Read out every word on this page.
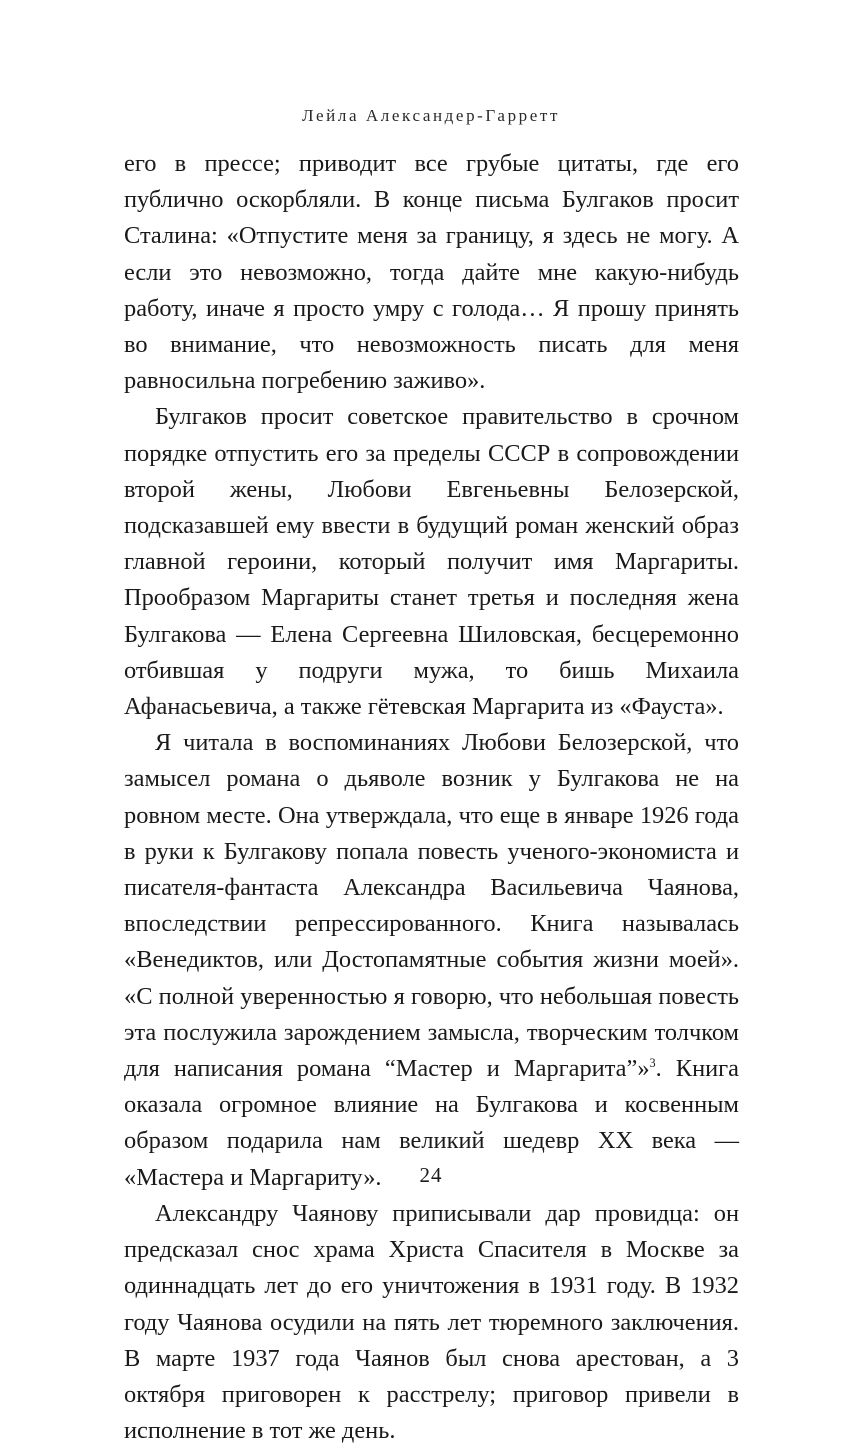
Лейла Александер-Гарретт

его в прессе; приводит все грубые цитаты, где его публично оскорбляли. В конце письма Булгаков просит Сталина: «Отпустите меня за границу, я здесь не могу. А если это невозможно, тогда дайте мне какую-нибудь работу, иначе я просто умру с голода… Я прошу принять во внимание, что невозможность писать для меня равносильна погребению заживо».

Булгаков просит советское правительство в срочном порядке отпустить его за пределы СССР в сопровождении второй жены, Любови Евгеньевны Белозерской, подсказавшей ему ввести в будущий роман женский образ главной героини, который получит имя Маргариты. Прообразом Маргариты станет третья и последняя жена Булгакова — Елена Сергеевна Шиловская, бесцеремонно отбившая у подруги мужа, то бишь Михаила Афанасьевича, а также гётевская Маргарита из «Фауста».

Я читала в воспоминаниях Любови Белозерской, что замысел романа о дьяволе возник у Булгакова не на ровном месте. Она утверждала, что еще в январе 1926 года в руки к Булгакову попала повесть ученого-экономиста и писателя-фантаста Александра Васильевича Чаянова, впоследствии репрессированного. Книга называлась «Венедиктов, или Достопамятные события жизни моей». «С полной уверенностью я говорю, что небольшая повесть эта послужила зарождением замысла, творческим толчком для написания романа “Мастер и Маргарита”»$^3$. Книга оказала огромное влияние на Булгакова и косвенным образом подарила нам великий шедевр XX века — «Мастера и Маргариту».

Александру Чаянову приписывали дар провидца: он предсказал снос храма Христа Спасителя в Москве за одиннадцать лет до его уничтожения в 1931 году. В 1932 году Чаянова осудили на пять лет тюремного заключения. В марте 1937 года Чаянов был снова арестован, а 3 октября приговорен к расстрелу; приговор привели в исполнение в тот же день.

24
